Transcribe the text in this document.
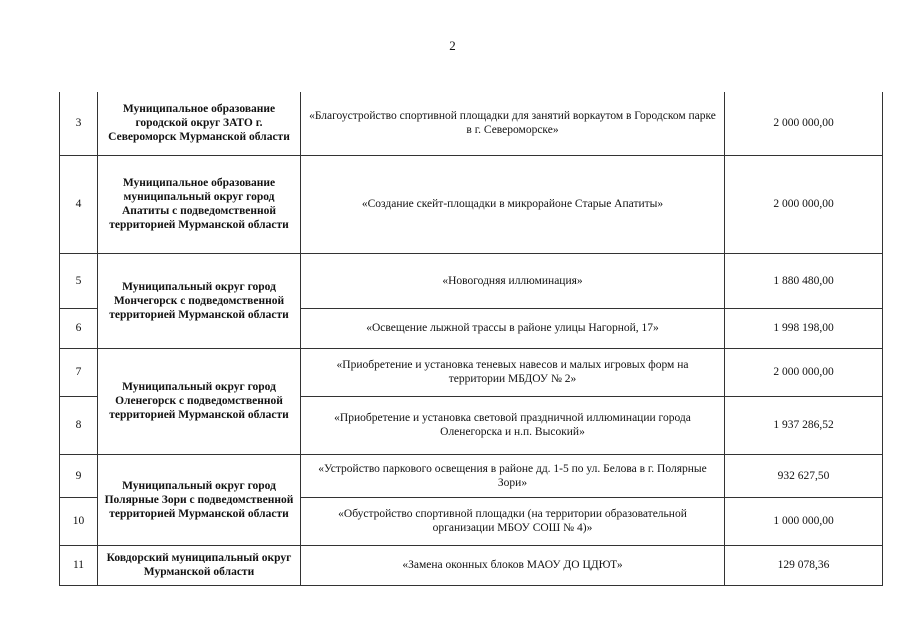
2
3	Муниципальное образование городской округ ЗАТО г. Североморск Мурманской области	«Благоустройство спортивной площадки для занятий воркаутом в Городском парке в г. Североморске»	2 000 000,00
4	Муниципальное образование муниципальный округ город Апатиты с подведомственной территорией Мурманской области	«Создание скейт-площадки в микрорайоне Старые Апатиты»	2 000 000,00
5	Муниципальный округ город Мончегорск с подведомственной территорией Мурманской области	«Новогодняя иллюминация»	1 880 480,00
6		«Освещение лыжной трассы в районе улицы Нагорной, 17»	1 998 198,00
7	Муниципальный округ город Оленегорск с подведомственной территорией Мурманской области	«Приобретение и установка теневых навесов и малых игровых форм на территории МБДОУ № 2»	2 000 000,00
8		«Приобретение и установка световой праздничной иллюминации города Оленегорска и н.п. Высокий»	1 937 286,52
9	Муниципальный округ город Полярные Зори с подведомственной территорией Мурманской области	«Устройство паркового освещения в районе дд. 1-5 по ул. Белова в г. Полярные Зори»	932 627,50
10		«Обустройство спортивной площадки (на территории образовательной организации МБОУ СОШ № 4)»	1 000 000,00
11	Ковдорский муниципальный округ Мурманской области	«Замена оконных блоков МАОУ ДО ЦДЮТ»	129 078,36
